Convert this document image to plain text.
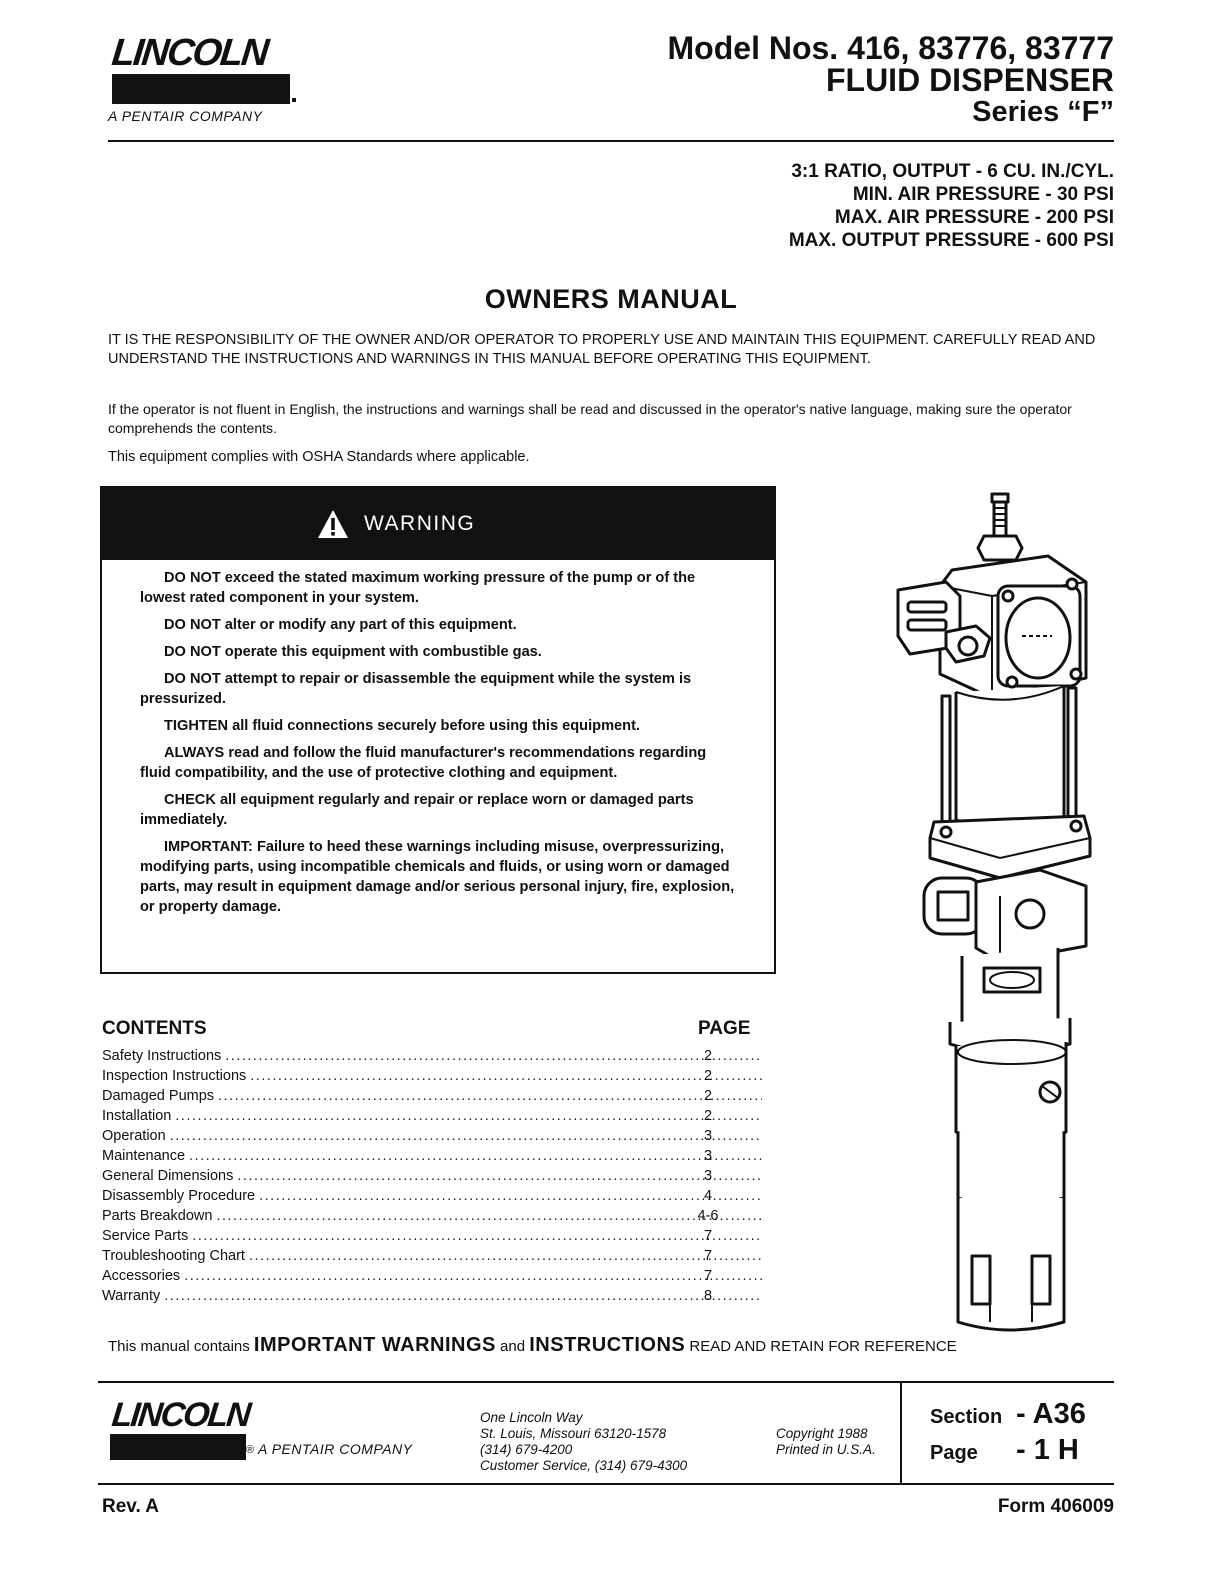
LINCOLN
A PENTAIR COMPANY
Model Nos. 416, 83776, 83777
FLUID DISPENSER
Series “F”
3:1 RATIO, OUTPUT - 6 CU. IN./CYL.
MIN. AIR PRESSURE - 30 PSI
MAX. AIR PRESSURE - 200 PSI
MAX. OUTPUT PRESSURE - 600 PSI
OWNERS MANUAL
IT IS THE RESPONSIBILITY OF THE OWNER AND/OR OPERATOR TO PROPERLY USE AND MAINTAIN THIS EQUIPMENT. CAREFULLY READ AND UNDERSTAND THE INSTRUCTIONS AND WARNINGS IN THIS MANUAL BEFORE OPERATING THIS EQUIPMENT.
If the operator is not fluent in English, the instructions and warnings shall be read and discussed in the operator's native language, making sure the operator comprehends the contents.
This equipment complies with OSHA Standards where applicable.
WARNING

DO NOT exceed the stated maximum working pressure of the pump or of the lowest rated component in your system.

DO NOT alter or modify any part of this equipment.

DO NOT operate this equipment with combustible gas.

DO NOT attempt to repair or disassemble the equipment while the system is pressurized.

TIGHTEN all fluid connections securely before using this equipment.

ALWAYS read and follow the fluid manufacturer's recommendations regarding fluid compatibility, and the use of protective clothing and equipment.

CHECK all equipment regularly and repair or replace worn or damaged parts immediately.

IMPORTANT: Failure to heed these warnings including misuse, overpressurizing, modifying parts, using incompatible chemicals and fluids, or using worn or damaged parts, may result in equipment damage and/or serious personal injury, fire, explosion, or property damage.

CONTENTS	PAGE
Safety Instructions .....	2
Inspection Instructions .....	2
Damaged Pumps .....	2
Installation .....	2
Operation .....	3
Maintenance .....	3
General Dimensions .....	3
Disassembly Procedure .....	4
Parts Breakdown .....	4-6
Service Parts .....	7
Troubleshooting Chart .....	7
Accessories .....	7
Warranty .....	8
This manual contains IMPORTANT WARNINGS and INSTRUCTIONS READ AND RETAIN FOR REFERENCE
LINCOLN
® A PENTAIR COMPANY
One Lincoln Way
St. Louis, Missouri 63120-1578
(314) 679-4200
Customer Service, (314) 679-4300
Copyright 1988
Printed in U.S.A.
Section - A36
Page - 1 H
Rev. A	Form 406009
